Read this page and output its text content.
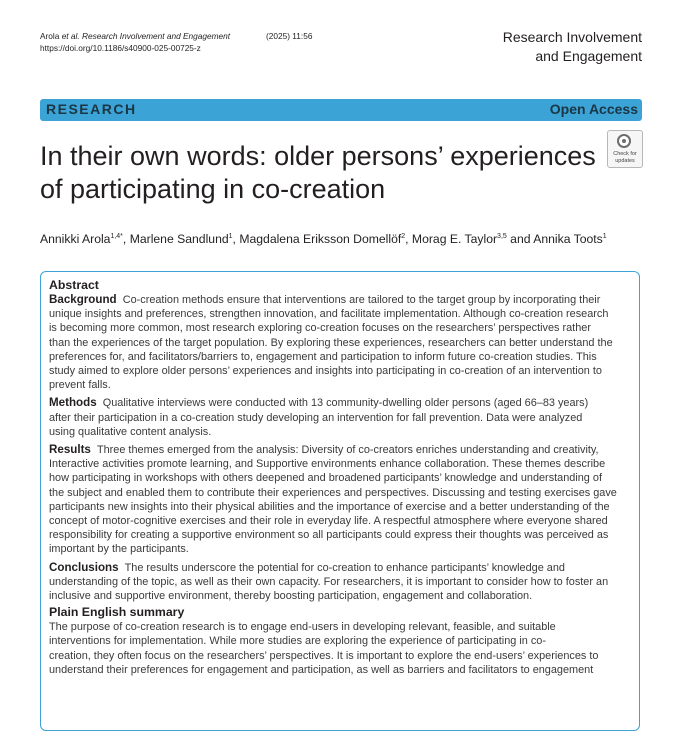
Arola et al. Research Involvement and Engagement	(2025) 11:56
https://doi.org/10.1186/s40900-025-00725-z
Research Involvement
and Engagement
RESEARCH	Open Access
In their own words: older persons’ experiences
of participating in co-creation
Check for
updates
Annikki Arola$^{1,4*}$, Marlene Sandlund$^1$, Magdalena Eriksson Domellöf$^2$, Morag E. Taylor$^{3,5}$ and Annika Toots$^1$
Abstract

Background Co-creation methods ensure that interventions are tailored to the target group by incorporating their
unique insights and preferences, strengthen innovation, and facilitate implementation. Although co-creation research
is becoming more common, most research exploring co-creation focuses on the researchers’ perspectives rather
than the experiences of the target population. By exploring these experiences, researchers can better understand the
preferences for, and facilitators/barriers to, engagement and participation to inform future co-creation studies. This
study aimed to explore older persons’ experiences and insights into participating in co-creation of an intervention to
prevent falls.

Methods Qualitative interviews were conducted with 13 community-dwelling older persons (aged 66–83 years)
after their participation in a co-creation study developing an intervention for fall prevention. Data were analyzed
using qualitative content analysis.

Results Three themes emerged from the analysis: Diversity of co-creators enriches understanding and creativity,
Interactive activities promote learning, and Supportive environments enhance collaboration. These themes describe
how participating in workshops with others deepened and broadened participants’ knowledge and understanding of
the subject and enabled them to contribute their experiences and perspectives. Discussing and testing exercises gave
participants new insights into their physical abilities and the importance of exercise and a better understanding of the
concept of motor-cognitive exercises and their role in everyday life. A respectful atmosphere where everyone shared
responsibility for creating a supportive environment so all participants could express their thoughts was perceived as
important by the participants.

Conclusions The results underscore the potential for co-creation to enhance participants’ knowledge and
understanding of the topic, as well as their own capacity. For researchers, it is important to consider how to foster an
inclusive and supportive environment, thereby boosting participation, engagement and collaboration.

Plain English summary

The purpose of co-creation research is to engage end-users in developing relevant, feasible, and suitable
interventions for implementation. While more studies are exploring the experience of participating in co-
creation, they often focus on the researchers’ perspectives. It is important to explore the end-users’ experiences to
understand their preferences for engagement and participation, as well as barriers and facilitators to engagement
